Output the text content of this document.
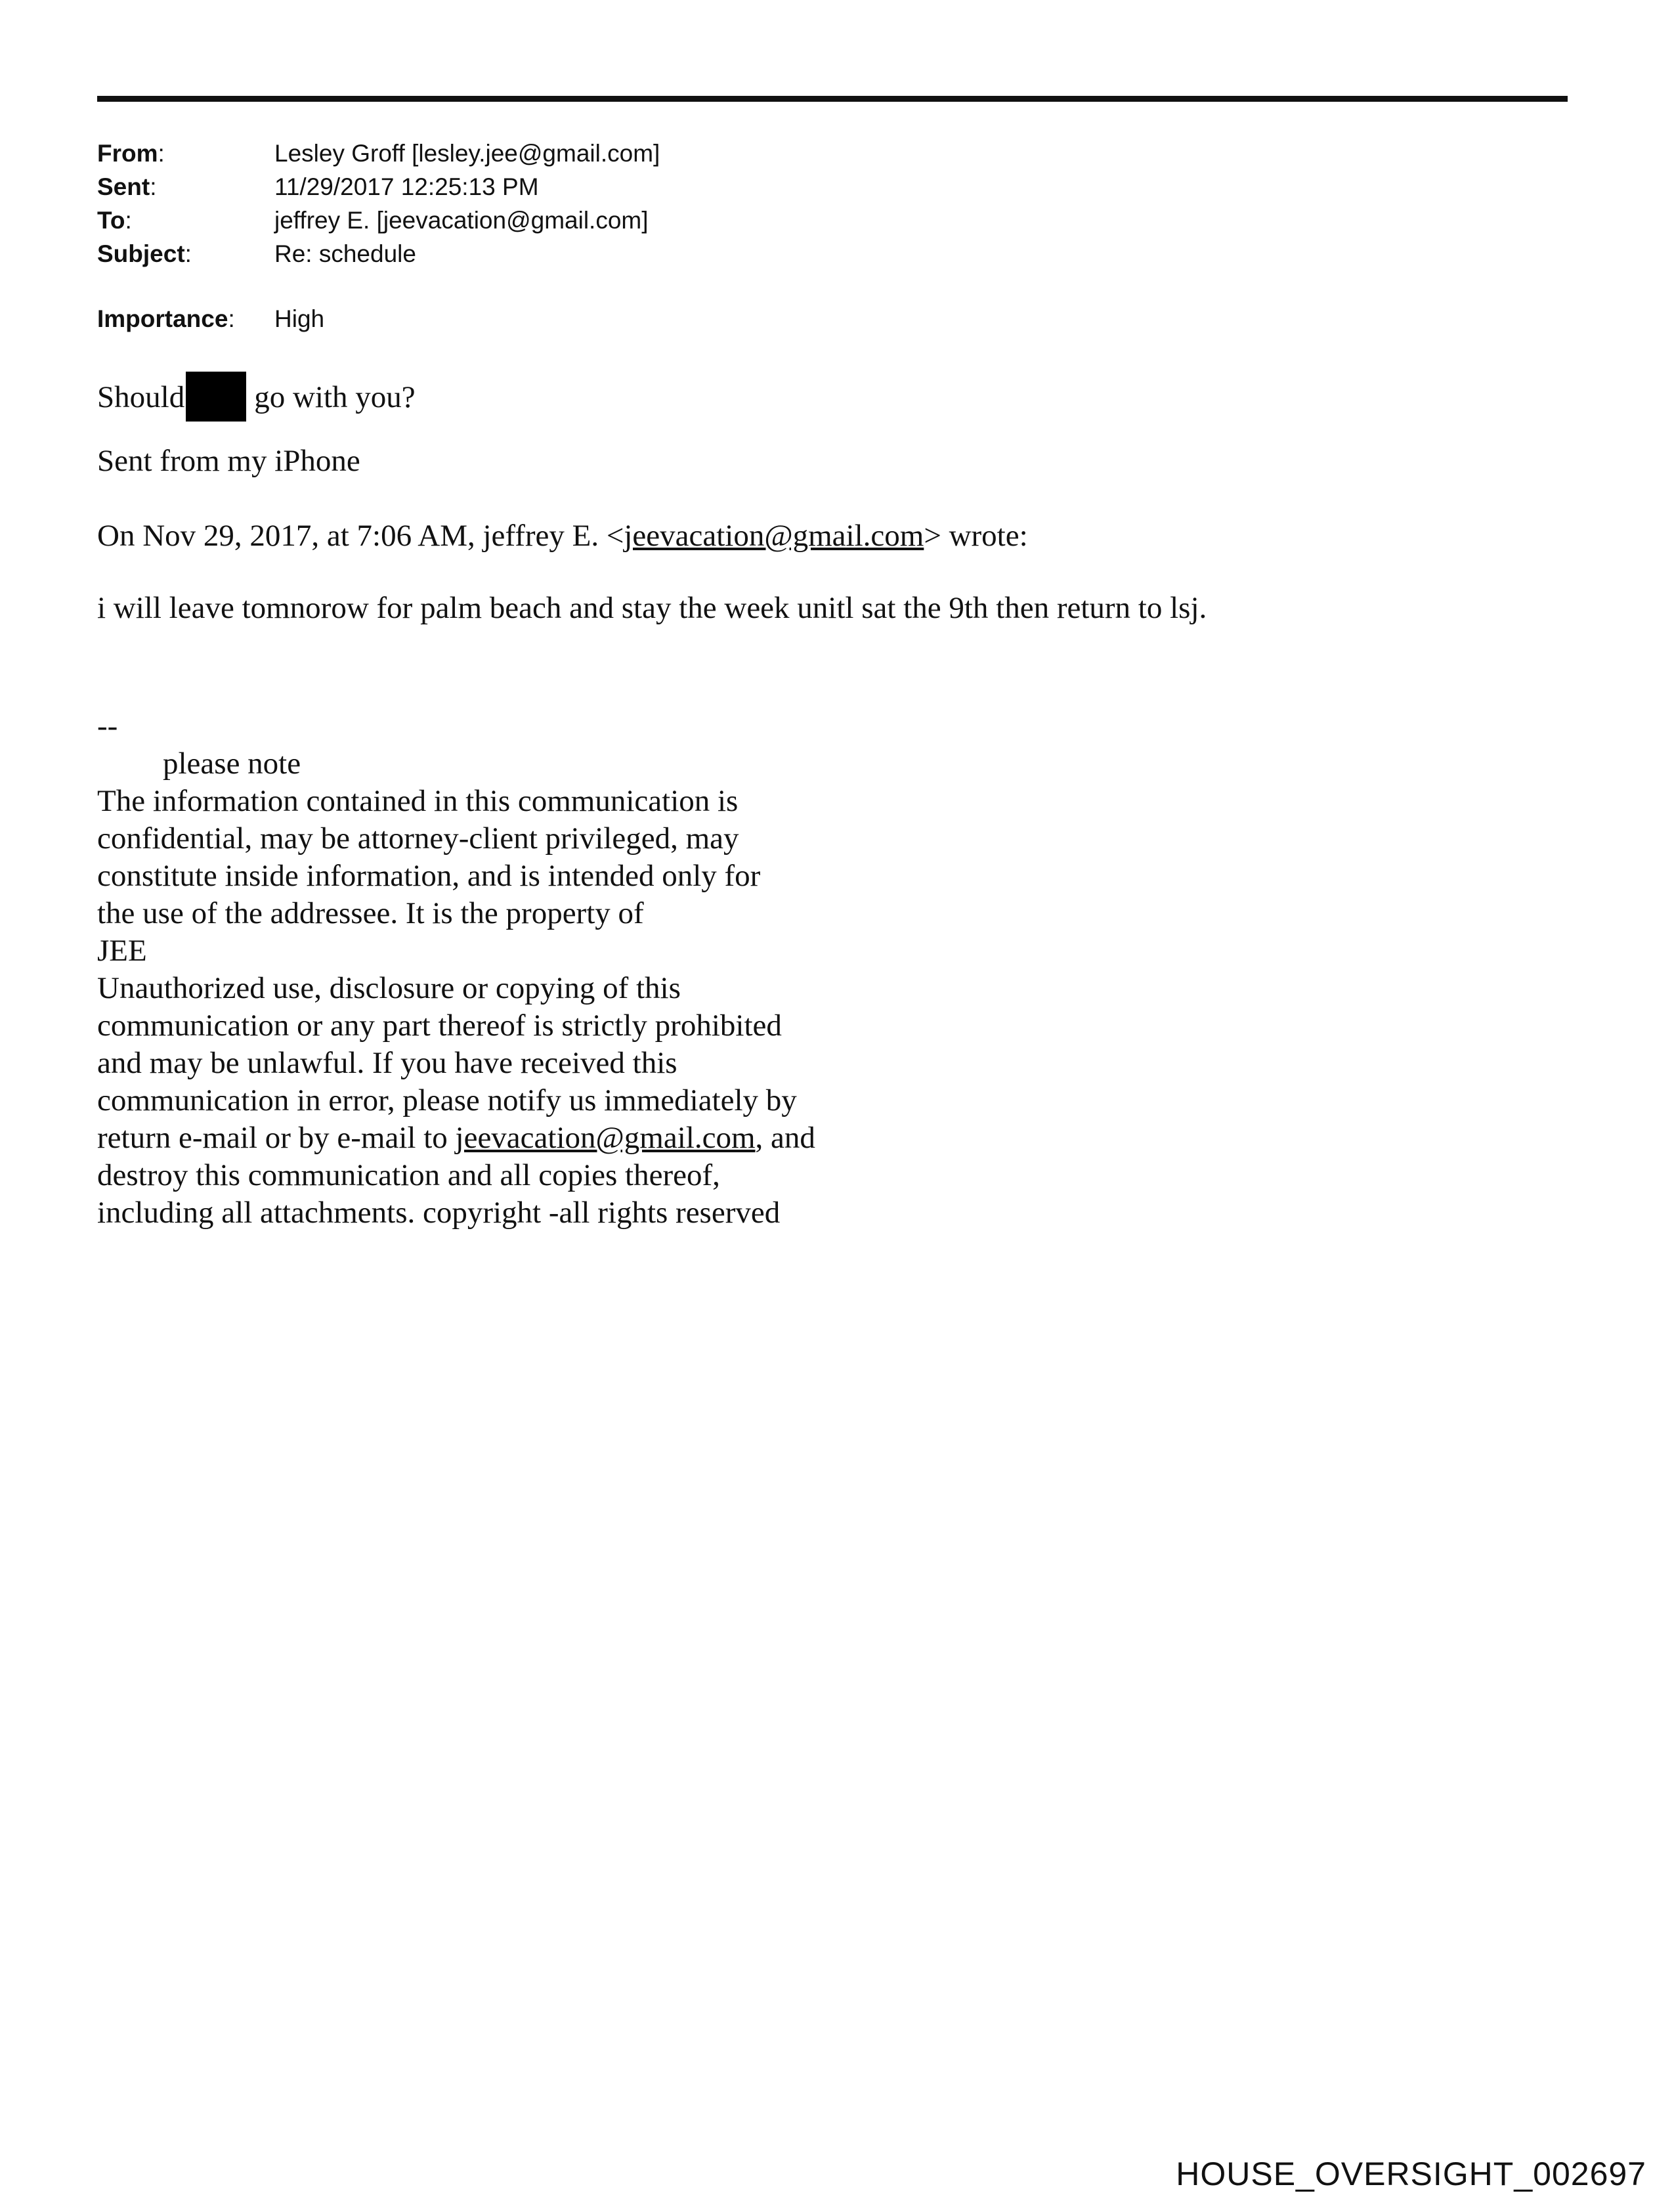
From:	Lesley Groff [lesley.jee@gmail.com]
Sent:	11/29/2017 12:25:13 PM
To:	jeffrey E. [jeevacation@gmail.com]
Subject:	Re: schedule
Importance:	High
Should go with you?
Sent from my iPhone
On Nov 29, 2017, at 7:06 AM, jeffrey E. <jeevacation@gmail.com> wrote:
i will leave tomnorow for palm beach and stay the week unitl sat the 9th then return to lsj.
--
please note
The information contained in this communication is
confidential, may be attorney-client privileged, may
constitute inside information, and is intended only for
the use of the addressee. It is the property of
JEE
Unauthorized use, disclosure or copying of this
communication or any part thereof is strictly prohibited
and may be unlawful. If you have received this
communication in error, please notify us immediately by
return e-mail or by e-mail to jeevacation@gmail.com, and
destroy this communication and all copies thereof,
including all attachments. copyright -all rights reserved
HOUSE_OVERSIGHT_002697
